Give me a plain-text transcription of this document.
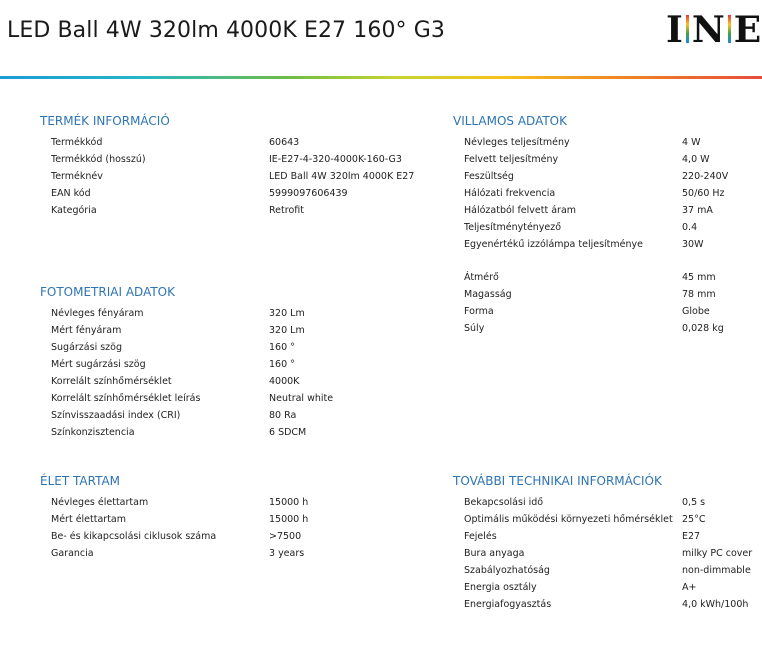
LED Ball 4W 320lm 4000K E27 160° G3	I N E
TERMÉK INFORMÁCIÓ
Termékkód	60643
Termékkód (hosszú)	IE-E27-4-320-4000K-160-G3
Terméknév	LED Ball 4W 320lm 4000K E27
EAN kód	5999097606439
Kategória	Retrofit
FOTOMETRIAI ADATOK
Névleges fényáram	320 Lm
Mért fényáram	320 Lm
Sugárzási szög	160 °
Mért sugárzási szög	160 °
Korrelált színhőmérséklet	4000K
Korrelált színhőmérséklet leírás	Neutral white
Színvisszaadási index (CRI)	80 Ra
Színkonzisztencia	6 SDCM
ÉLET TARTAM
Névleges élettartam	15000 h
Mért élettartam	15000 h
Be- és kikapcsolási ciklusok száma	>7500
Garancia	3 years
VILLAMOS ADATOK
Névleges teljesítmény	4 W
Felvett teljesítmény	4,0 W
Feszültség	220-240V
Hálózati frekvencia	50/60 Hz
Hálózatból felvett áram	37 mA
Teljesítménytényező	0.4
Egyenértékű izzólámpa teljesítménye	30W
Átmérő	45 mm
Magasság	78 mm
Forma	Globe
Súly	0,028 kg
TOVÁBBI TECHNIKAI INFORMÁCIÓK
Bekapcsolási idő	0,5 s
Optimális működési környezeti hőmérséklet 25°C
Fejelés	E27
Bura anyaga	milky PC cover
Szabályozhatóság	non-dimmable
Energia osztály	A+
Energiafogyasztás	4,0 kWh/100h
